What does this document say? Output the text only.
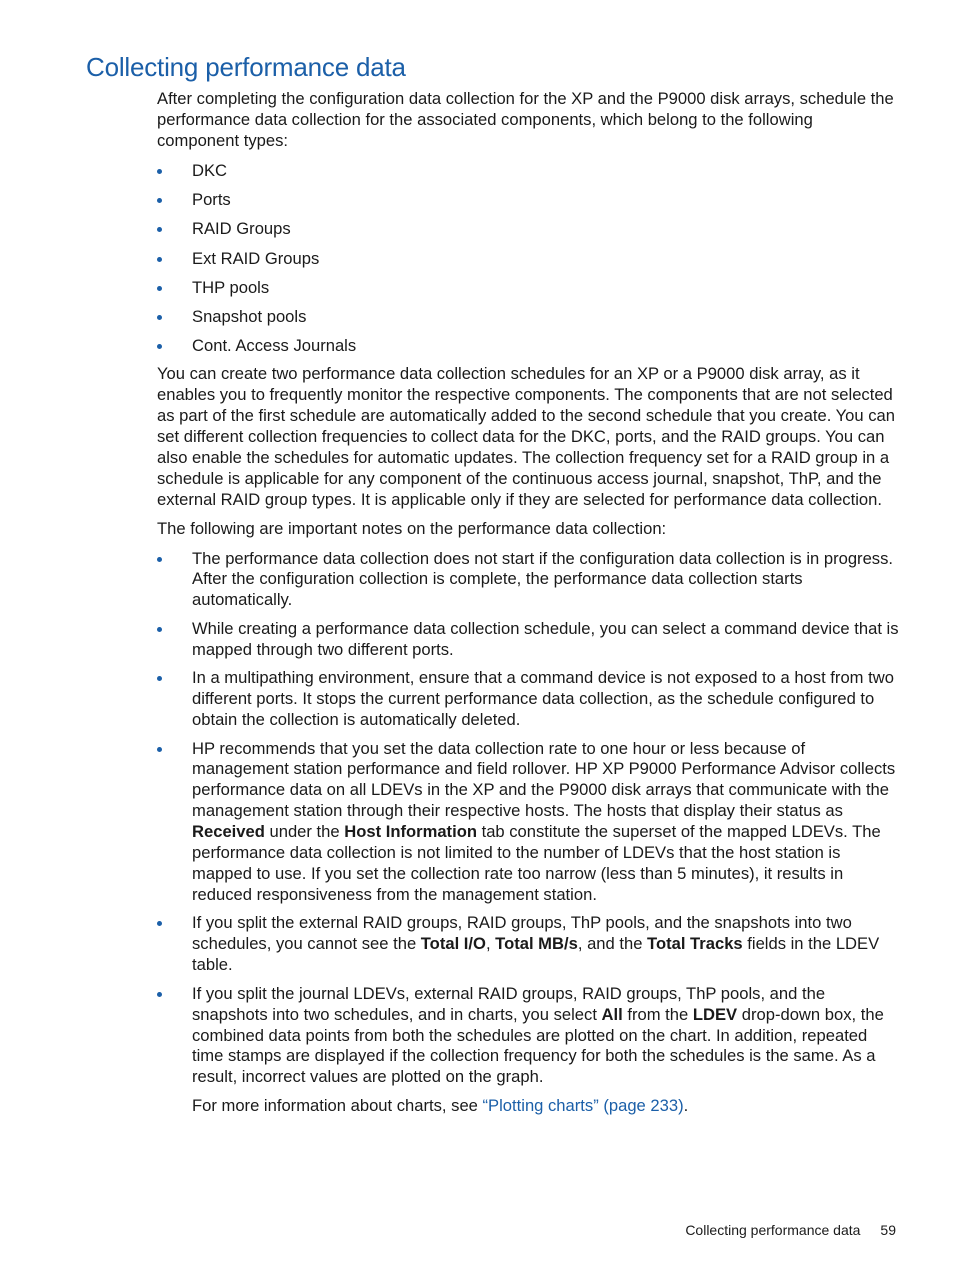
Collecting performance data

After completing the configuration data collection for the XP and the P9000 disk arrays, schedule the performance data collection for the associated components, which belong to the following component types:

DKC
Ports
RAID Groups
Ext RAID Groups
THP pools
Snapshot pools
Cont. Access Journals

You can create two performance data collection schedules for an XP or a P9000 disk array, as it enables you to frequently monitor the respective components. The components that are not selected as part of the first schedule are automatically added to the second schedule that you create. You can set different collection frequencies to collect data for the DKC, ports, and the RAID groups. You can also enable the schedules for automatic updates. The collection frequency set for a RAID group in a schedule is applicable for any component of the continuous access journal, snapshot, ThP, and the external RAID group types. It is applicable only if they are selected for performance data collection.

The following are important notes on the performance data collection:

The performance data collection does not start if the configuration data collection is in progress. After the configuration collection is complete, the performance data collection starts automatically.
While creating a performance data collection schedule, you can select a command device that is mapped through two different ports.
In a multipathing environment, ensure that a command device is not exposed to a host from two different ports. It stops the current performance data collection, as the schedule configured to obtain the collection is automatically deleted.
HP recommends that you set the data collection rate to one hour or less because of management station performance and field rollover. HP XP P9000 Performance Advisor collects performance data on all LDEVs in the XP and the P9000 disk arrays that communicate with the management station through their respective hosts. The hosts that display their status as Received under the Host Information tab constitute the superset of the mapped LDEVs. The performance data collection is not limited to the number of LDEVs that the host station is mapped to use. If you set the collection rate too narrow (less than 5 minutes), it results in reduced responsiveness from the management station.
If you split the external RAID groups, RAID groups, ThP pools, and the snapshots into two schedules, you cannot see the Total I/O, Total MB/s, and the Total Tracks fields in the LDEV table.
If you split the journal LDEVs, external RAID groups, RAID groups, ThP pools, and the snapshots into two schedules, and in charts, you select All from the LDEV drop-down box, the combined data points from both the schedules are plotted on the chart. In addition, repeated time stamps are displayed if the collection frequency for both the schedules is the same. As a result, incorrect values are plotted on the graph.

For more information about charts, see “Plotting charts” (page 233).

Collecting performance data 59
